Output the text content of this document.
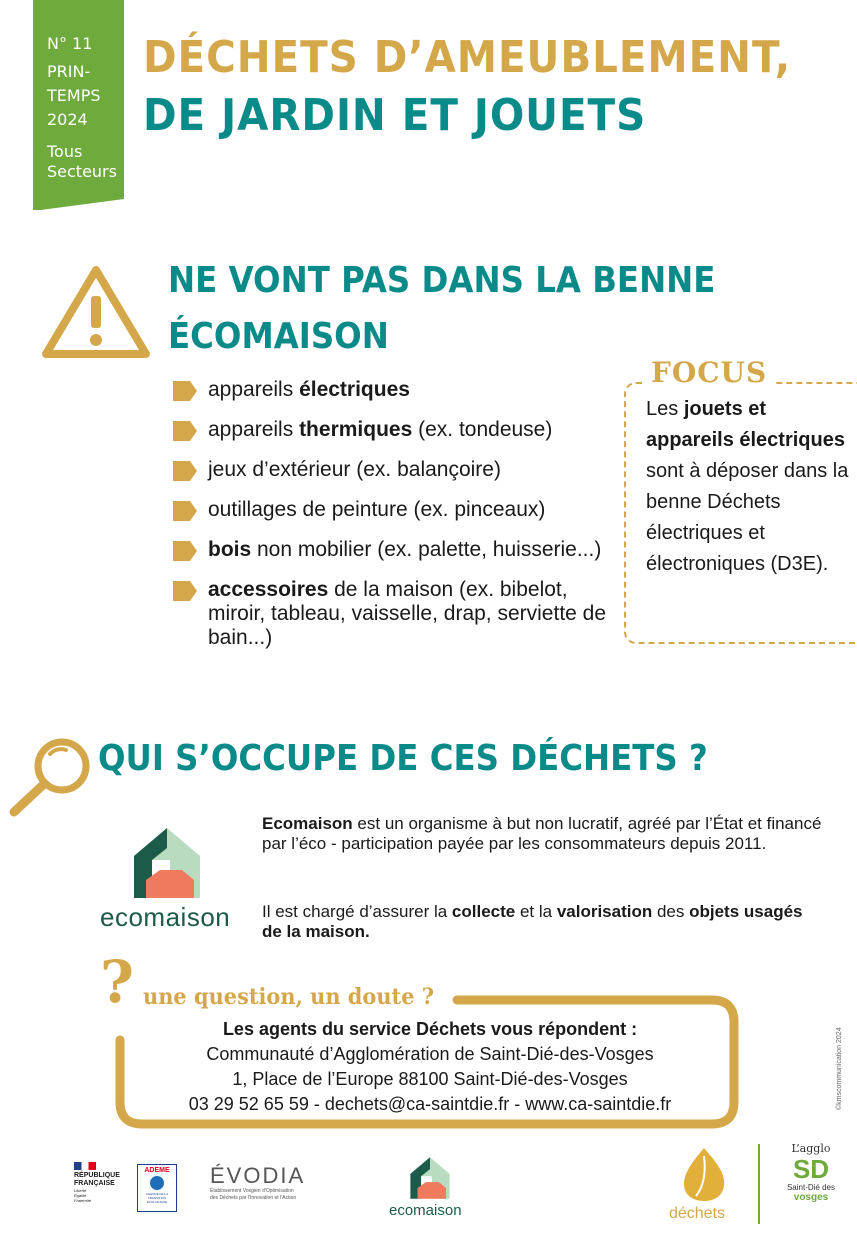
N° 11
PRIN-
TEMPS
2024
Tous
Secteurs
DÉCHETS D’AMEUBLEMENT,
DE JARDIN ET JOUETS
NE VONT PAS DANS LA BENNE
ÉCOMAISON
appareils électriques
appareils thermiques (ex. tondeuse)
jeux d’extérieur (ex. balançoire)
outillages de peinture (ex. pinceaux)
bois non mobilier (ex. palette, huisserie...)
accessoires de la maison (ex. bibelot, miroir, tableau, vaisselle, drap, serviette de bain...)
FOCUS
Les jouets et appareils électriques sont à déposer dans la benne Déchets électriques et électroniques (D3E).
QUI S’OCCUPE DE CES DÉCHETS ?
ecomaison
Ecomaison est un organisme à but non lucratif, agréé par l’État et financé par l’éco - participation payée par les consommateurs depuis 2011.
Il est chargé d’assurer la collecte et la valorisation des objets usagés de la maison.
? une question, un doute ?
Les agents du service Déchets vous répondent :
Communauté d’Agglomération de Saint-Dié-des-Vosges
1, Place de l’Europe 88100 Saint-Dié-des-Vosges
03 29 52 65 59 - dechets@ca-saintdie.fr - www.ca-saintdie.fr	©kmscommunication 2024
RÉPUBLIQUE
FRANÇAISE
Liberté
Égalité
Fraternité
ADEME
AGENCE DE LA TRANSITION ÉCOLOGIQUE
ÉVODIA
Établissement Vosgien d’Optimisation
des Déchets par l’Innovation et l’Action
ecomaison	déchets
L’agglo
SD
Saint-Dié des
vosges
